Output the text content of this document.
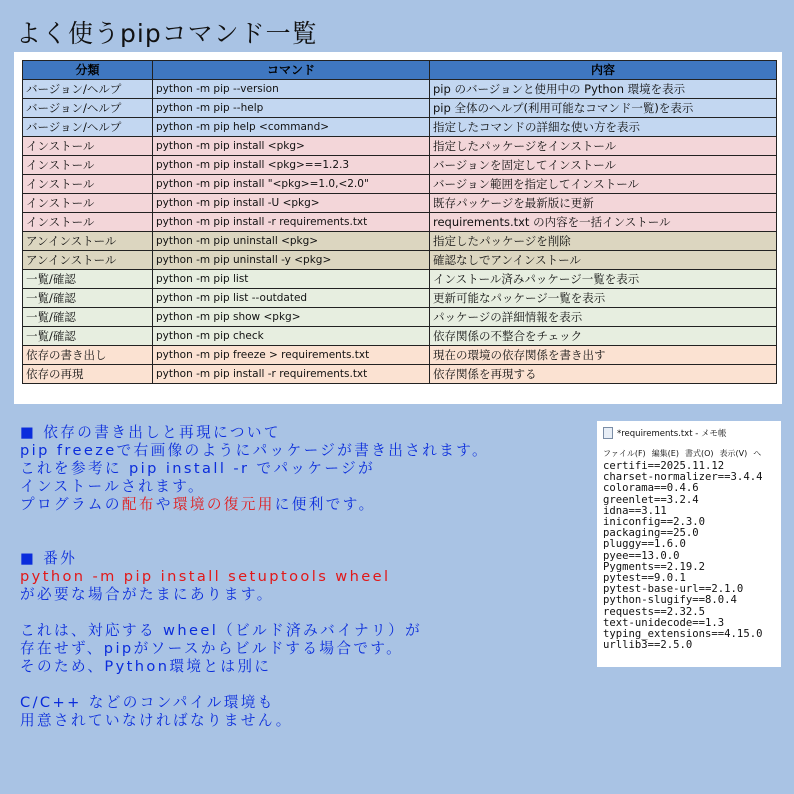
よく使うpipコマンド一覧
分類	コマンド	内容
バージョン/ヘルプ	python -m pip --version	pip のバージョンと使用中の Python 環境を表示
バージョン/ヘルプ	python -m pip --help	pip 全体のヘルプ(利用可能なコマンド一覧)を表示
バージョン/ヘルプ	python -m pip help <command>	指定したコマンドの詳細な使い方を表示
インストール	python -m pip install <pkg>	指定したパッケージをインストール
インストール	python -m pip install <pkg>==1.2.3	バージョンを固定してインストール
インストール	python -m pip install "<pkg>=1.0,<2.0"	バージョン範囲を指定してインストール
インストール	python -m pip install -U <pkg>	既存パッケージを最新版に更新
インストール	python -m pip install -r requirements.txt	requirements.txt の内容を一括インストール
アンインストール	python -m pip uninstall <pkg>	指定したパッケージを削除
アンインストール	python -m pip uninstall -y <pkg>	確認なしでアンインストール
一覧/確認	python -m pip list	インストール済みパッケージ一覧を表示
一覧/確認	python -m pip list --outdated	更新可能なパッケージ一覧を表示
一覧/確認	python -m pip show <pkg>	パッケージの詳細情報を表示
一覧/確認	python -m pip check	依存関係の不整合をチェック
依存の書き出し	python -m pip freeze > requirements.txt	現在の環境の依存関係を書き出す
依存の再現	python -m pip install -r requirements.txt	依存関係を再現する

■ 依存の書き出しと再現について

pip freezeで右画像のようにパッケージが書き出されます。

これを参考に pip install -r でパッケージが

インストールされます。

プログラムの配布や環境の復元用に便利です。

■ 番外

python -m pip install setuptools wheel

が必要な場合がたまにあります。

これは、対応する wheel（ビルド済みバイナリ）が

存在せず、pipがソースからビルドする場合です。

そのため、Python環境とは別に

C/C++ などのコンパイル環境も

用意されていなければなりません。

*requirements.txt - メモ帳
ファイル(F) 編集(E) 書式(O) 表示(V) ヘ
certifi==2025.11.12
charset-normalizer==3.4.4
colorama==0.4.6
greenlet==3.2.4
idna==3.11
iniconfig==2.3.0
packaging==25.0
pluggy==1.6.0
pyee==13.0.0
Pygments==2.19.2
pytest==9.0.1
pytest-base-url==2.1.0
python-slugify==8.0.4
requests==2.32.5
text-unidecode==1.3
typing_extensions==4.15.0
urllib3==2.5.0
